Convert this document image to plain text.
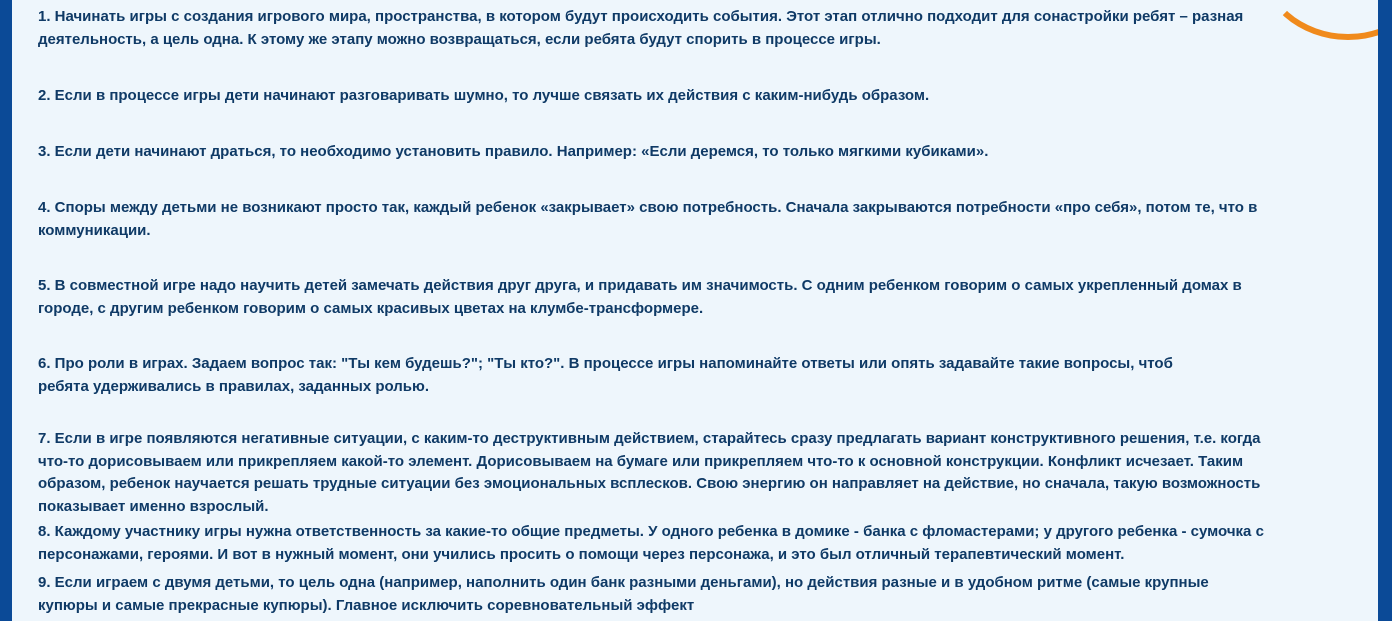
1. Начинать игры с создания игрового мира, пространства, в котором будут происходить события. Этот этап отлично подходит для сонастройки ребят – разная
деятельность, а цель одна. К этому же этапу можно возвращаться, если ребята будут спорить в процессе игры.

2. Если в процессе игры дети начинают разговаривать шумно, то лучше связать их действия с каким-нибудь образом.

3. Если дети начинают драться, то необходимо установить правило. Например: «Если деремся, то только мягкими кубиками».

4. Споры между детьми не возникают просто так, каждый ребенок «закрывает» свою потребность. Сначала закрываются потребности «про себя», потом те, что в
коммуникации.

5. В совместной игре надо научить детей замечать действия друг друга, и придавать им значимость. С одним ребенком говорим о самых укрепленный домах в
городе, с другим ребенком говорим о самых красивых цветах на клумбе-трансформере.

6. Про роли в играх. Задаем вопрос так: "Ты кем будешь?"; "Ты кто?". В процессе игры напоминайте ответы или опять задавайте такие вопросы, чтоб
ребята удерживались в правилах, заданных ролью.

7. Если в игре появляются негативные ситуации, с каким-то деструктивным действием, старайтесь сразу предлагать вариант конструктивного решения, т.е. когда
что-то дорисовываем или прикрепляем какой-то элемент. Дорисовываем на бумаге или прикрепляем что-то к основной конструкции. Конфликт исчезает. Таким
образом, ребенок научается решать трудные ситуации без эмоциональных всплесков. Свою энергию он направляет на действие, но сначала, такую возможность
показывает именно взрослый.

8. Каждому участнику игры нужна ответственность за какие-то общие предметы. У одного ребенка в домике - банка с фломастерами; у другого ребенка - сумочка с
персонажами, героями. И вот в нужный момент, они учились просить о помощи через персонажа, и это был отличный терапевтический момент.

9. Если играем с двумя детьми, то цель одна (например, наполнить один банк разными деньгами), но действия разные и в удобном ритме (самые крупные
купюры и самые прекрасные купюры). Главное исключить соревновательный эффект
